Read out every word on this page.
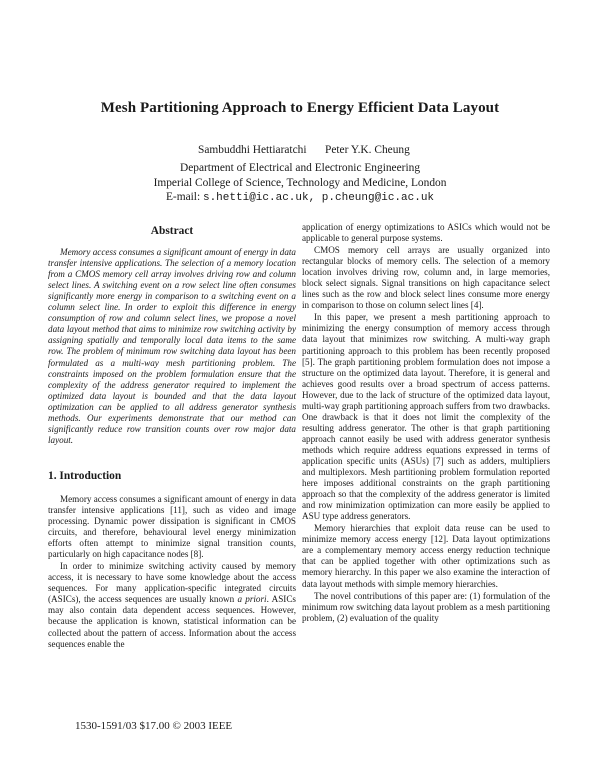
Mesh Partitioning Approach to Energy Efficient Data Layout
Sambuddhi Hettiaratchi Peter Y.K. Cheung
Department of Electrical and Electronic Engineering
Imperial College of Science, Technology and Medicine, London
E-mail: s.hetti@ic.ac.uk, p.cheung@ic.ac.uk
Abstract

Memory access consumes a significant amount of energy in data transfer intensive applications. The selection of a memory location from a CMOS memory cell array involves driving row and column select lines. A switching event on a row select line often consumes significantly more energy in comparison to a switching event on a column select line. In order to exploit this difference in energy consumption of row and column select lines, we propose a novel data layout method that aims to minimize row switching activity by assigning spatially and temporally local data items to the same row. The problem of minimum row switching data layout has been formulated as a multi-way mesh partitioning problem. The constraints imposed on the problem formulation ensure that the complexity of the address generator required to implement the optimized data layout is bounded and that the data layout optimization can be applied to all address generator synthesis methods. Our experiments demonstrate that our method can significantly reduce row transition counts over row major data layout.

1. Introduction

Memory access consumes a significant amount of energy in data transfer intensive applications [11], such as video and image processing. Dynamic power dissipation is significant in CMOS circuits, and therefore, behavioural level energy minimization efforts often attempt to minimize signal transition counts, particularly on high capacitance nodes [8].

In order to minimize switching activity caused by memory access, it is necessary to have some knowledge about the access sequences. For many application-specific integrated circuits (ASICs), the access sequences are usually known a priori. ASICs may also contain data dependent access sequences. However, because the application is known, statistical information can be collected about the pattern of access. Information about the access sequences enable the

application of energy optimizations to ASICs which would not be applicable to general purpose systems.

CMOS memory cell arrays are usually organized into rectangular blocks of memory cells. The selection of a memory location involves driving row, column and, in large memories, block select signals. Signal transitions on high capacitance select lines such as the row and block select lines consume more energy in comparison to those on column select lines [4].

In this paper, we present a mesh partitioning approach to minimizing the energy consumption of memory access through data layout that minimizes row switching. A multi-way graph partitioning approach to this problem has been recently proposed [5]. The graph partitioning problem formulation does not impose a structure on the optimized data layout. Therefore, it is general and achieves good results over a broad spectrum of access patterns. However, due to the lack of structure of the optimized data layout, multi-way graph partitioning approach suffers from two drawbacks. One drawback is that it does not limit the complexity of the resulting address generator. The other is that graph partitioning approach cannot easily be used with address generator synthesis methods which require address equations expressed in terms of application specific units (ASUs) [7] such as adders, multipliers and multiplexors. Mesh partitioning problem formulation reported here imposes additional constraints on the graph partitioning approach so that the complexity of the address generator is limited and row minimization optimization can more easily be applied to ASU type address generators.

Memory hierarchies that exploit data reuse can be used to minimize memory access energy [12]. Data layout optimizations are a complementary memory access energy reduction technique that can be applied together with other optimizations such as memory hierarchy. In this paper we also examine the interaction of data layout methods with simple memory hierarchies.

The novel contributions of this paper are: (1) formulation of the minimum row switching data layout problem as a mesh partitioning problem, (2) evaluation of the quality

1530-1591/03 $17.00 © 2003 IEEE
